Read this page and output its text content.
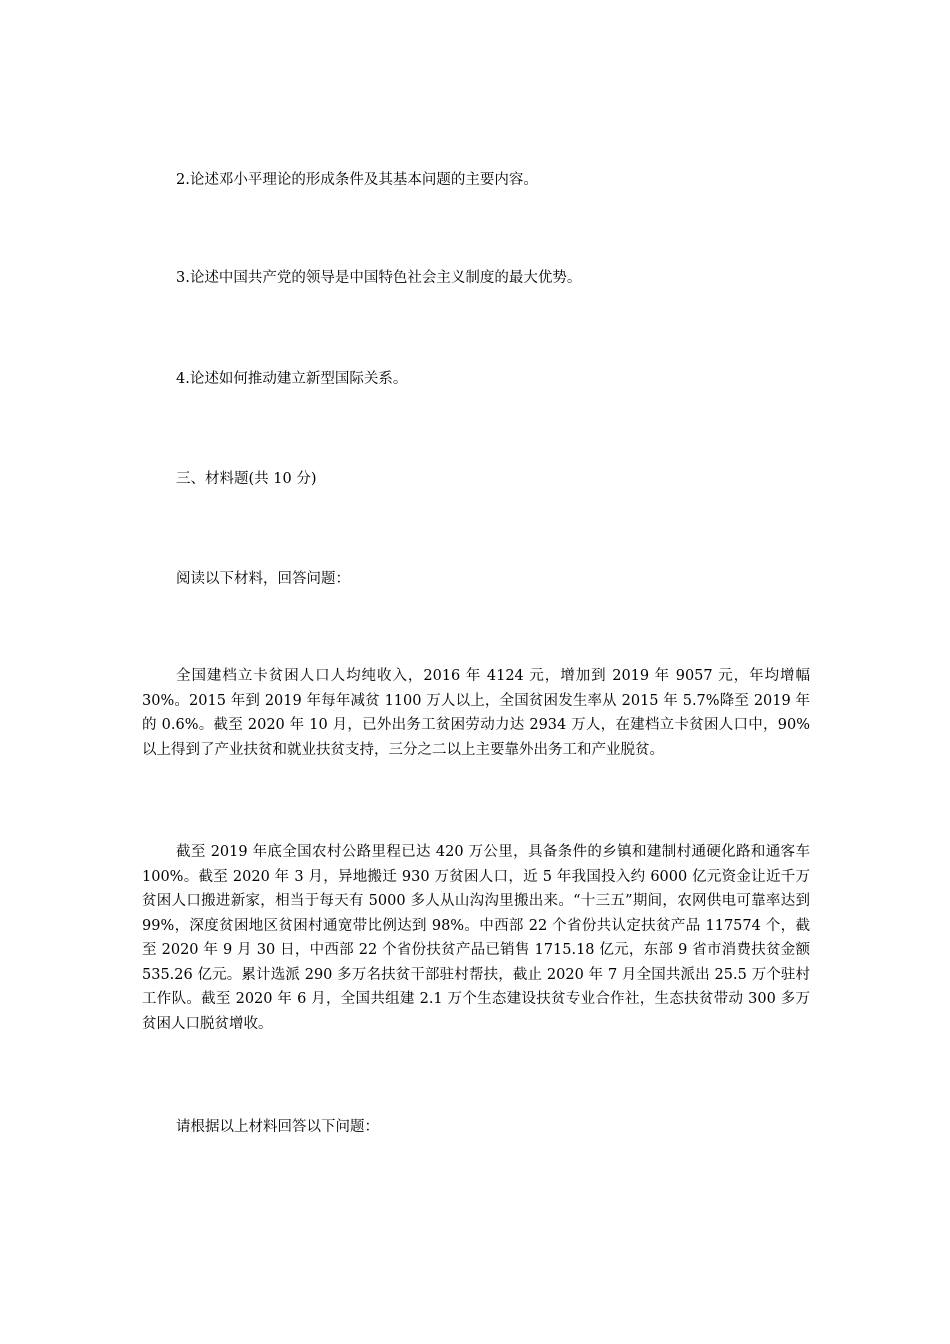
2.论述邓小平理论的形成条件及其基本问题的主要内容。
3.论述中国共产党的领导是中国特色社会主义制度的最大优势。
4.论述如何推动建立新型国际关系。
三、材料题(共 10 分)
阅读以下材料，回答问题：
全国建档立卡贫困人口人均纯收入，2016 年 4124 元，增加到 2019 年 9057 元，年均增幅 30%。2015 年到 2019 年每年减贫 1100 万人以上，全国贫困发生率从 2015 年 5.7%降至 2019 年的 0.6%。截至 2020 年 10 月，已外出务工贫困劳动力达 2934 万人，在建档立卡贫困人口中，90%以上得到了产业扶贫和就业扶贫支持，三分之二以上主要靠外出务工和产业脱贫。
截至 2019 年底全国农村公路里程已达 420 万公里，具备条件的乡镇和建制村通硬化路和通客车 100%。截至 2020 年 3 月，异地搬迁 930 万贫困人口，近 5 年我国投入约 6000 亿元资金让近千万贫困人口搬进新家，相当于每天有 5000 多人从山沟沟里搬出来。“十三五”期间，农网供电可靠率达到 99%，深度贫困地区贫困村通宽带比例达到 98%。中西部 22 个省份共认定扶贫产品 117574 个，截至 2020 年 9 月 30 日，中西部 22 个省份扶贫产品已销售 1715.18 亿元，东部 9 省市消费扶贫金额 535.26 亿元。累计选派 290 多万名扶贫干部驻村帮扶，截止 2020 年 7 月全国共派出 25.5 万个驻村工作队。截至 2020 年 6 月，全国共组建 2.1 万个生态建设扶贫专业合作社，生态扶贫带动 300 多万贫困人口脱贫增收。
请根据以上材料回答以下问题：
